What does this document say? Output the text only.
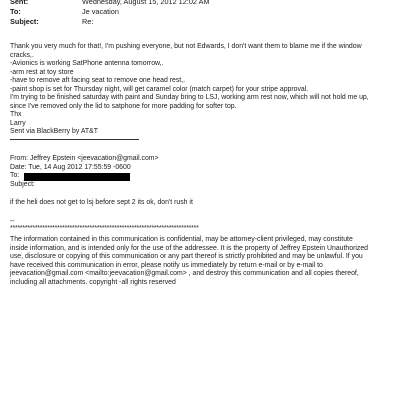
Sent:	Wednesday, August 15, 2012 12:02 AM
To:	Je vacation
Subject:	Re:
Thank you very much for that!, I'm pushing everyone, but not Edwards, I don't want them to blame me if the window
cracks,.
-Avionics is working SatPhone antenna tomorrow,.
-arm rest at toy store
-have to remove aft facing seat to remove one head rest,.
-paint shop is set for Thursday night, will get caramel color (match carpet) for your stripe approval.
I'm trying to be finished saturday with paint and Sunday bring to LSJ, working arm rest now, which will not hold me up,
since I've removed only the lid to satphone for more padding for softer top.
Thx
Larry
Sent via BlackBerry by AT&T
From: Jeffrey Epstein <jeevacation@gmail.com>
Date: Tue, 14 Aug 2012 17:55:59 -0600
To:
Subject:
if the heli does not get to lsj before sept 2 its ok, don't rush it
--
****************************************************************************
The information contained in this communication is confidential, may be attorney-client privileged, may constitute
inside information, and is intended only for the use of the addressee. It is the property of Jeffrey Epstein Unauthorized
use, disclosure or copying of this communication or any part thereof is strictly prohibited and may be unlawful. If you
have received this communication in error, please notify us immediately by return e-mail or by e-mail to
jeevacation@gmail.com <mailto:jeevacation@gmail.com> , and destroy this communication and all copies thereof,
including all attachments. copyright -all rights reserved
